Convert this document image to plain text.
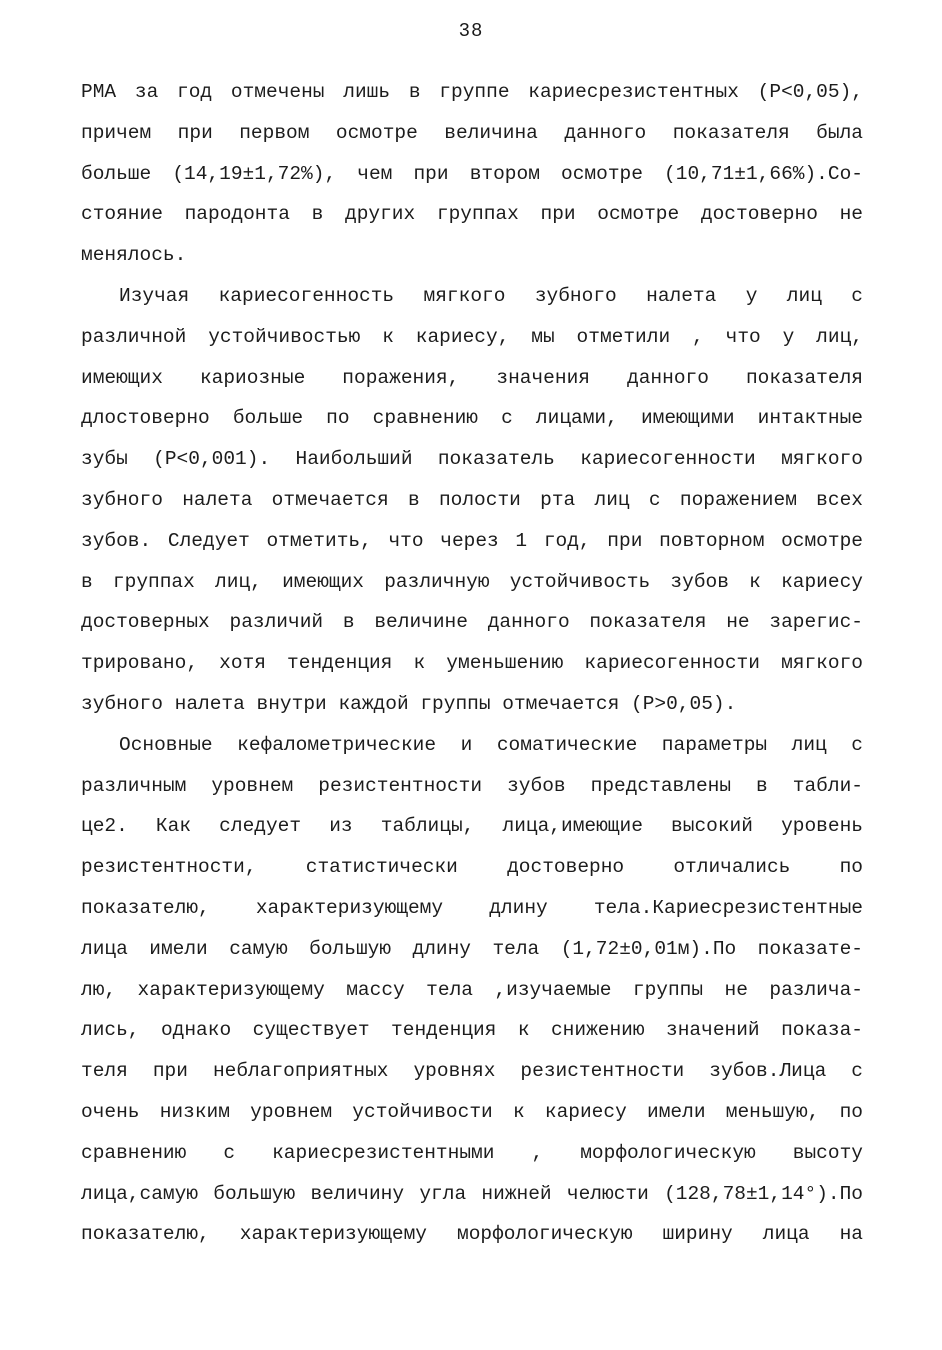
38
РМА за год отмечены лишь в группе кариесрезистентных (Р<0,05),
причем при первом осмотре величина данного показателя была
больше (14,19±1,72%), чем при втором осмотре (10,71±1,66%).Со-
стояние пародонта в других группах при осмотре достоверно не
менялось.
Изучая кариесогенность мягкого зубного налета у лиц с
различной устойчивостью к кариесу, мы отметили , что у лиц,
имеющих кариозные поражения, значения данного показателя
длостоверно больше по сравнению с лицами, имеющими интактные
зубы (Р<0,001). Наибольший показатель кариесогенности мягкого
зубного налета отмечается в полости рта лиц с поражением всех
зубов. Следует отметить, что через 1 год, при повторном осмотре
в группах лиц, имеющих различную устойчивость зубов к кариесу
достоверных различий в величине данного показателя не зарегис-
трировано, хотя тенденция к уменьшению кариесогенности мягкого
зубного налета внутри каждой группы отмечается (Р>0,05).
Основные кефалометрические и соматические параметры лиц с
различным уровнем резистентности зубов представлены в табли-
це2. Как следует из таблицы, лица,имеющие высокий уровень
резистентности, статистически достоверно отличались по
показателю, характеризующему длину тела.Кариесрезистентные
лица имели самую большую длину тела (1,72±0,01м).По показате-
лю, характеризующему массу тела ,изучаемые группы не различа-
лись, однако существует тенденция к снижению значений показа-
теля при неблагоприятных уровнях резистентности зубов.Лица с
очень низким уровнем устойчивости к кариесу имели меньшую, по
сравнению с кариесрезистентными , морфологическую высоту
лица,самую большую величину угла нижней челюсти (128,78±1,14°).По
показателю, характеризующему морфологическую ширину лица на
